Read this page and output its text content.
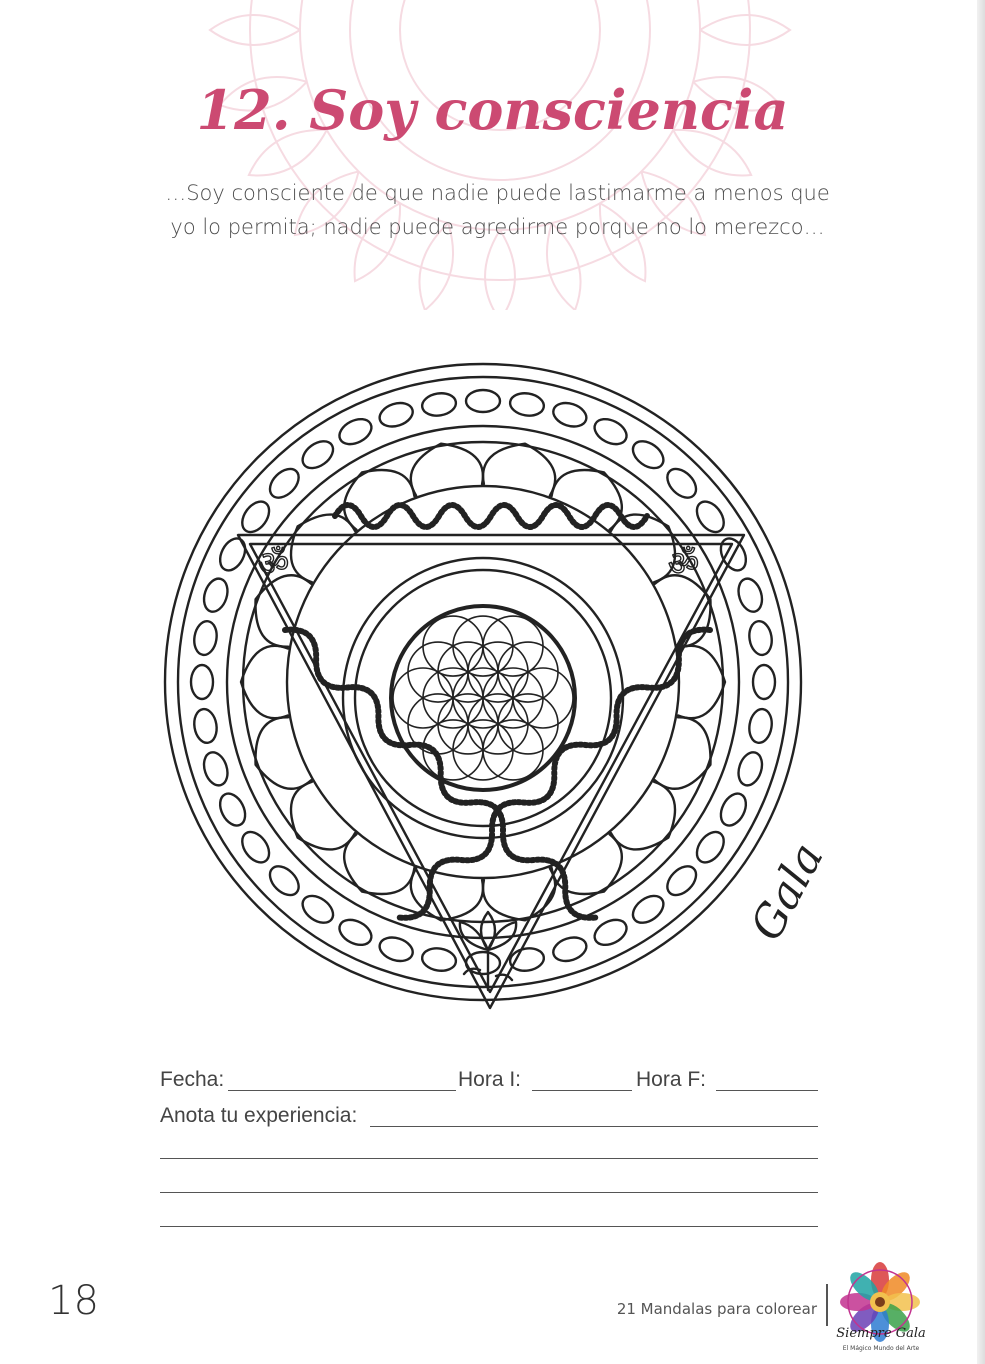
12. Soy consciencia
…Soy consciente de que nadie puede lastimarme a menos que
yo lo permita; nadie puede agredirme porque no lo merezco…
ॐ	ॐ
Gala
Fecha:	Hora I:	Hora F:
Anota tu experiencia:
18	21 Mandalas para colorear
Siempre Gala
El Mágico Mundo del Arte
